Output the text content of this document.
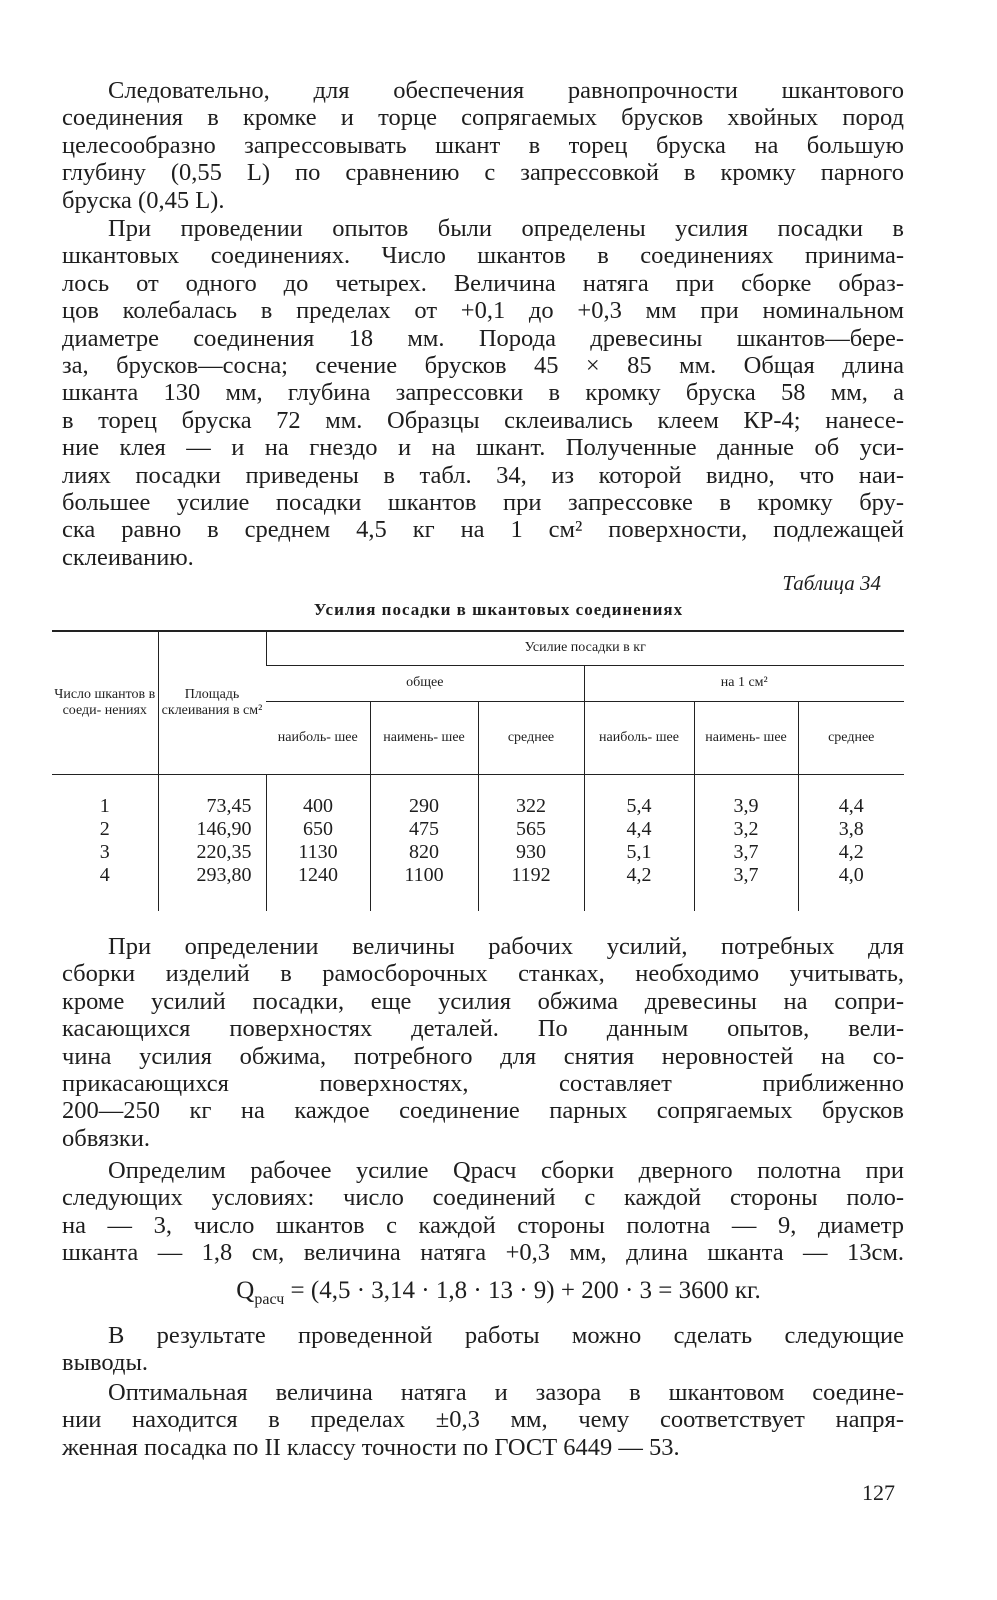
Следовательно, для обеспечения равнопрочности шкантового
соединения в кромке и торце сопрягаемых брусков хвойных пород
целесообразно запрессовывать шкант в торец бруска на большую
глубину (0,55 L) по сравнению с запрессовкой в кромку парного
бруска (0,45 L).

При проведении опытов были определены усилия посадки в
шкантовых соединениях. Число шкантов в соединениях принима-
лось от одного до четырех. Величина натяга при сборке образ-
цов колебалась в пределах от +0,1 до +0,3 мм при номинальном
диаметре соединения 18 мм. Порода древесины шкантов—бере-
за, брусков—сосна; сечение брусков 45 × 85 мм. Общая длина
шканта 130 мм, глубина запрессовки в кромку бруска 58 мм, а
в торец бруска 72 мм. Образцы склеивались клеем КР-4; нанесе-
ние клея — и на гнездо и на шкант. Полученные данные об уси-
лиях посадки приведены в табл. 34, из которой видно, что наи-
большее усилие посадки шкантов при запрессовке в кромку бру-
ска равно в среднем 4,5 кг на 1 см² поверхности, подлежащей
склеиванию.

Таблица 34
Усилия посадки в шкантовых соединениях
Число шкантов в соеди- нениях	Площадь склеивания в см²	Усилие посадки в кг					
		общее			на 1 см²		
		наиболь- шее	наимень- шее	среднее	наиболь- шее	наимень- шее	среднее
1	73,45	400	290	322	5,4	3,9	4,4
2	146,90	650	475	565	4,4	3,2	3,8
3	220,35	1130	820	930	5,1	3,7	4,2
4	293,80	1240	1100	1192	4,2	3,7	4,0

При определении величины рабочих усилий, потребных для
сборки изделий в рамосборочных станках, необходимо учитывать,
кроме усилий посадки, еще усилия обжима древесины на сопри-
касающихся поверхностях деталей. По данным опытов, вели-
чина усилия обжима, потребного для снятия неровностей на со-
прикасающихся поверхностях, составляет приближенно
200—250 кг на каждое соединение парных сопрягаемых брусков
обвязки.

Определим рабочее усилие Qрасч сборки дверного полотна при
следующих условиях: число соединений с каждой стороны поло-
на — 3, число шкантов с каждой стороны полотна — 9, диаметр
шканта — 1,8 см, величина натяга +0,3 мм, длина шканта — 13см.

$Q_{расч} = (4,5 \cdot 3,14 \cdot 1,8 \cdot 13 \cdot 9) + 200 \cdot 3 = 3600$ кг.

В результате проведенной работы можно сделать следующие
выводы.

Оптимальная величина натяга и зазора в шкантовом соедине-
нии находится в пределах ±0,3 мм, чему соответствует напря-
женная посадка по II классу точности по ГОСТ 6449 — 53.

127
